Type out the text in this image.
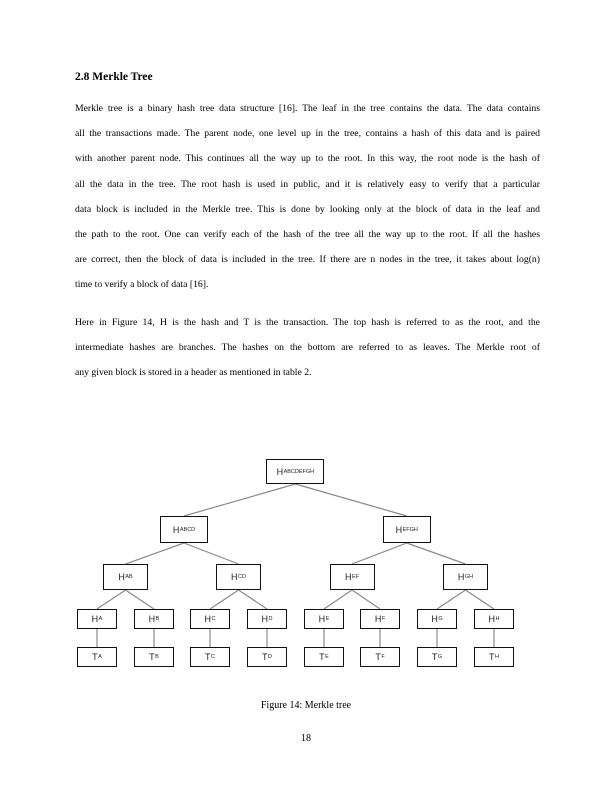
2.8 Merkle Tree
Merkle tree is a binary hash tree data structure [16]. The leaf in the tree contains the data. The data contains
all the transactions made. The parent node, one level up in the tree, contains a hash of this data and is paired
with another parent node. This continues all the way up to the root. In this way, the root node is the hash of
all the data in the tree. The root hash is used in public, and it is relatively easy to verify that a particular
data block is included in the Merkle tree. This is done by looking only at the block of data in the leaf and
the path to the root. One can verify each of the hash of the tree all the way up to the root. If all the hashes
are correct, then the block of data is included in the tree. If there are n nodes in the tree, it takes about log(n)
time to verify a block of data [16].
Here in Figure 14, H is the hash and T is the transaction. The top hash is referred to as the root, and the
intermediate hashes are branches. The hashes on the bottom are referred to as leaves. The Merkle root of
any given block is stored in a header as mentioned in table 2.
H ABCDEFGH
H ABCD	H EFGH
H AB	H CD	H EF	H GH
H A	H B	H C	H D	H E	H F	H G	H H
T A	T B	T C	T D	T E	T F	T G	T H
Figure 14: Merkle tree
18
